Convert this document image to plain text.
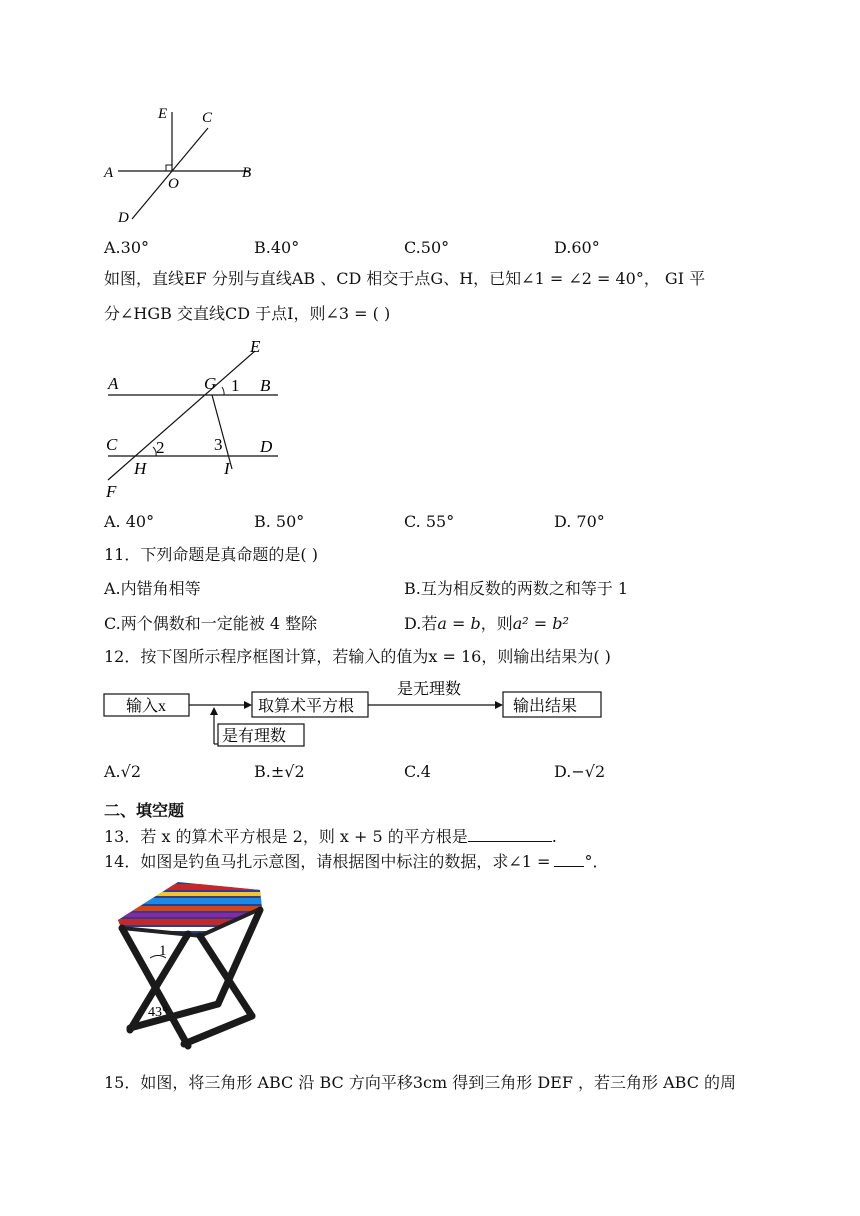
E C
A
O
B
D
A.30°	B.40°	C.50°	D.60°
如图，直线EF 分别与直线AB 、CD 相交于点G、H，已知∠1 = ∠2 = 40°， GI 平
分∠HGB 交直线CD 于点I，则∠3 = ( )
E
A	G 1 B
C 2	3 D
H	I
F
A. 40°	B. 50°	C. 55°	D. 70°
11．下列命题是真命题的是( )
A.内错角相等	B.互为相反数的两数之和等于 1
C.两个偶数和一定能被 4 整除	D.若a = b，则a² = b²
12．按下图所示程序框图计算，若输入的值为x = 16，则输出结果为( )
输入x	取算术平方根
是无理数
输出结果
是有理数
A.√2	B.±√2	C.4	D.−√2
二、填空题
13．若 x 的算术平方根是 2，则 x + 5 的平方根是	.
14．如图是钓鱼马扎示意图，请根据图中标注的数据，求∠1 = °．
1
43°
15．如图，将三角形 ABC 沿 BC 方向平移3cm 得到三角形 DEF ，若三角形 ABC 的周
